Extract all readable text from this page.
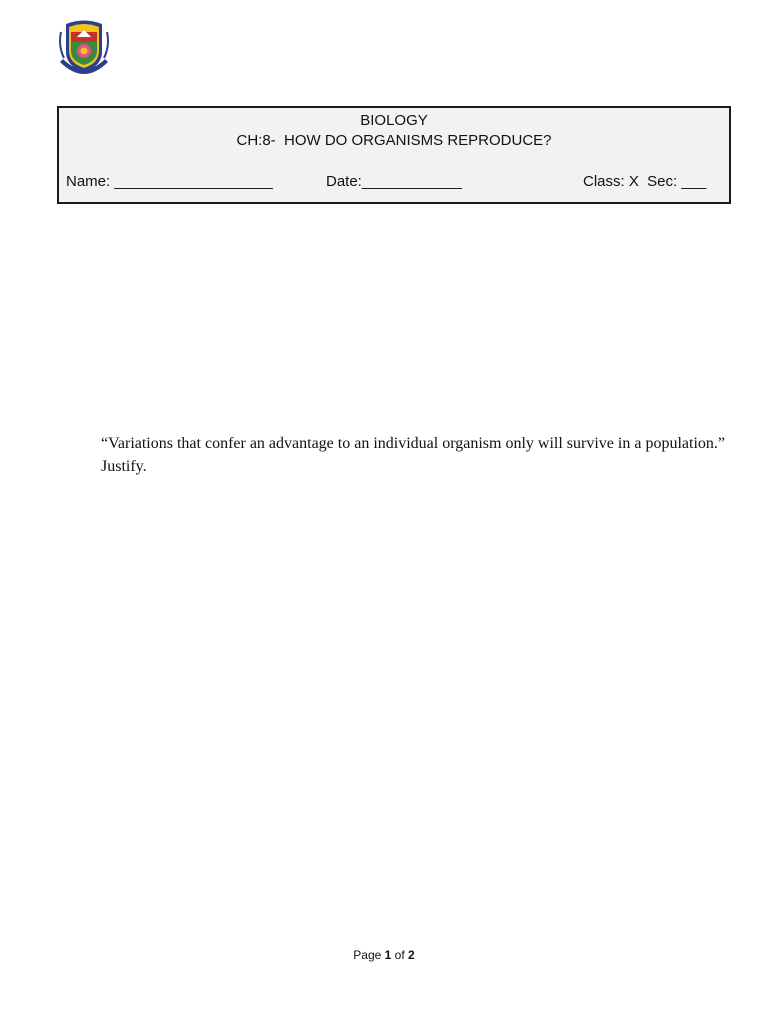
BIOLOGY
CH:8-  HOW DO ORGANISMS REPRODUCE?
Name: ___________________	Date:____________	Class: X  Sec: ___
“Variations that confer an advantage to an individual organism only will survive in a population.” Justify.
Page 1 of 2
